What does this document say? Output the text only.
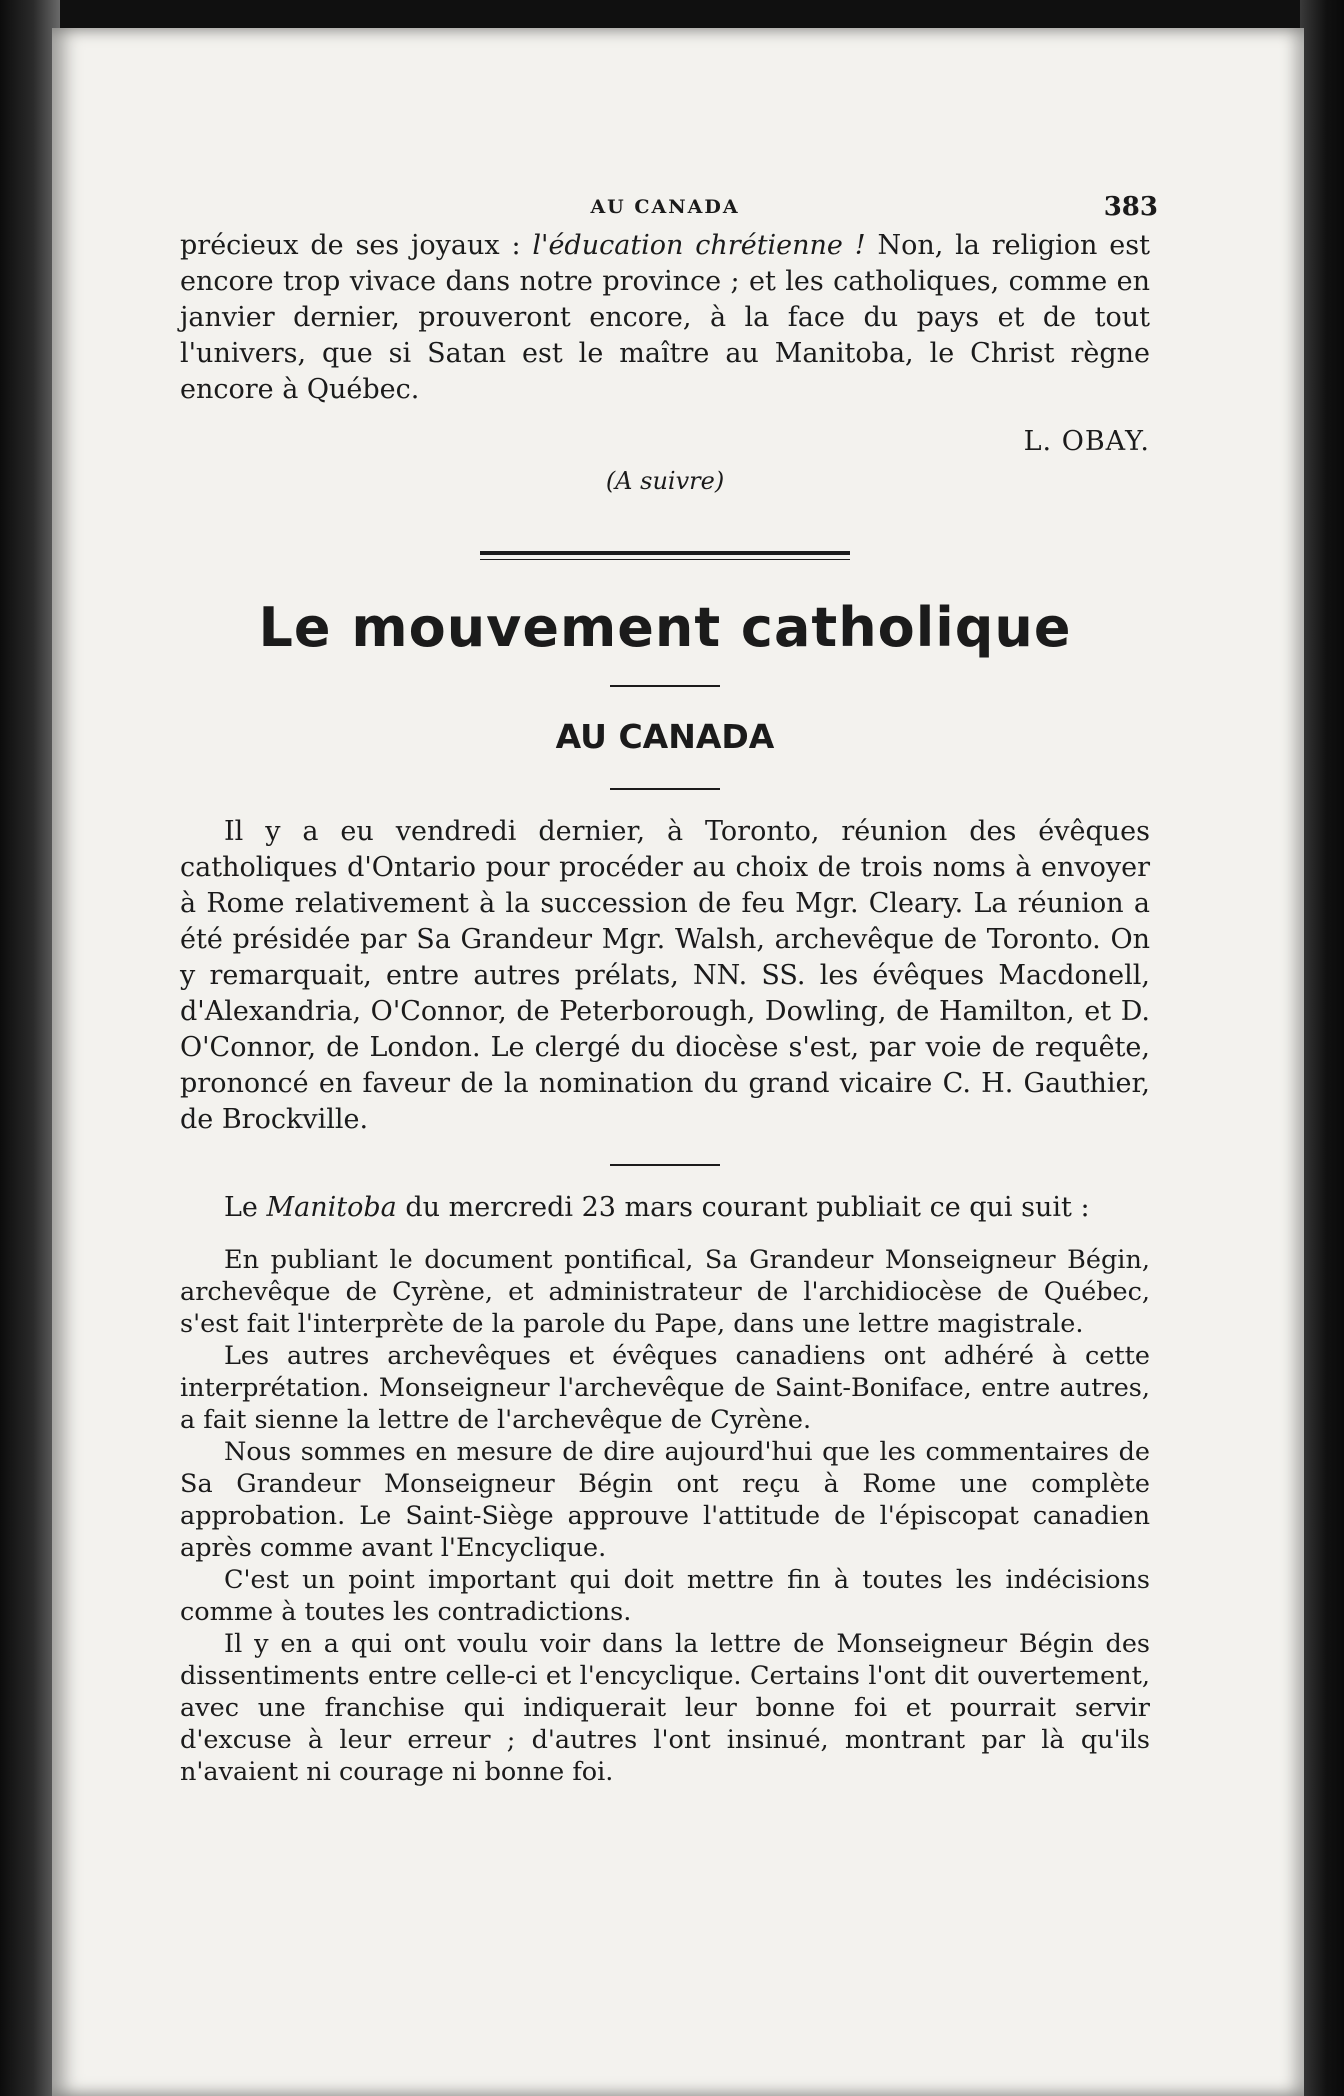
AU CANADA	383

précieux de ses joyaux : l'éducation chrétienne ! Non, la religion est encore trop vivace dans notre province ; et les catholiques, comme en janvier dernier, prouveront encore, à la face du pays et de tout l'univers, que si Satan est le maître au Manitoba, le Christ règne encore à Québec.

L. OBAY.
(A suivre)
Le mouvement catholique
AU CANADA

Il y a eu vendredi dernier, à Toronto, réunion des évêques catholiques d'Ontario pour procéder au choix de trois noms à envoyer à Rome relativement à la succession de feu Mgr. Cleary. La réunion a été présidée par Sa Grandeur Mgr. Walsh, archevêque de Toronto. On y remarquait, entre autres prélats, NN. SS. les évêques Macdonell, d'Alexandria, O'Connor, de Peterborough, Dowling, de Hamilton, et D. O'Connor, de London. Le clergé du diocèse s'est, par voie de requête, prononcé en faveur de la nomination du grand vicaire C. H. Gauthier, de Brockville.

Le Manitoba du mercredi 23 mars courant publiait ce qui suit :

En publiant le document pontifical, Sa Grandeur Monseigneur Bégin, archevêque de Cyrène, et administrateur de l'archidiocèse de Québec, s'est fait l'interprète de la parole du Pape, dans une lettre magistrale.

Les autres archevêques et évêques canadiens ont adhéré à cette interprétation. Monseigneur l'archevêque de Saint-Boniface, entre autres, a fait sienne la lettre de l'archevêque de Cyrène.

Nous sommes en mesure de dire aujourd'hui que les commentaires de Sa Grandeur Monseigneur Bégin ont reçu à Rome une complète approbation. Le Saint-Siège approuve l'attitude de l'épiscopat canadien après comme avant l'Encyclique.

C'est un point important qui doit mettre fin à toutes les indécisions comme à toutes les contradictions.

Il y en a qui ont voulu voir dans la lettre de Monseigneur Bégin des dissentiments entre celle-ci et l'encyclique. Certains l'ont dit ouvertement, avec une franchise qui indiquerait leur bonne foi et pourrait servir d'excuse à leur erreur ; d'autres l'ont insinué, montrant par là qu'ils n'avaient ni courage ni bonne foi.
